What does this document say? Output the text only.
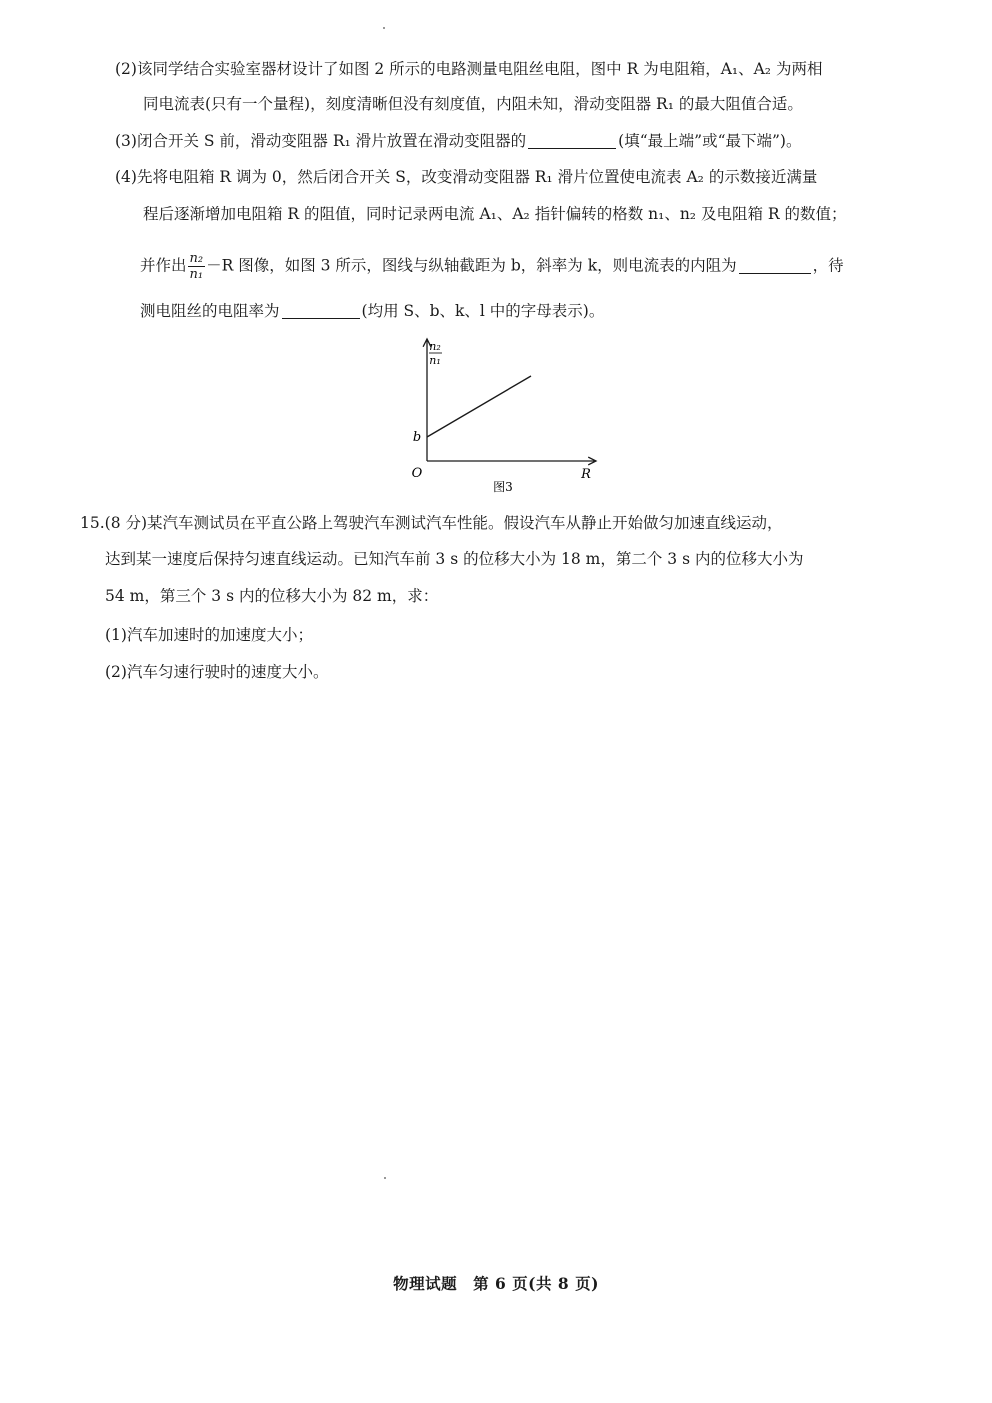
(2)该同学结合实验室器材设计了如图 2 所示的电路测量电阻丝电阻，图中 R 为电阻箱，A₁、A₂ 为两相
同电流表(只有一个量程)，刻度清晰但没有刻度值，内阻未知，滑动变阻器 R₁ 的最大阻值合适。
(3)闭合开关 S 前，滑动变阻器 R₁ 滑片放置在滑动变阻器的	(填“最上端”或“最下端”)。
(4)先将电阻箱 R 调为 0，然后闭合开关 S，改变滑动变阻器 R₁ 滑片位置使电流表 A₂ 的示数接近满量
程后逐渐增加电阻箱 R 的阻值，同时记录两电流 A₁、A₂ 指针偏转的格数 n₁、n₂ 及电阻箱 R 的数值；
并作出 $\frac{\text{n₂}}{\text{n₁}} -R$ 图像，如图 3 所示，图线与纵轴截距为 b，斜率为 k，则电流表的内阻为	，待
测电阻丝的电阻率为	(均用 S、b、k、l 中的字母表示)。
n₂
n₁
b
O	R
图3
15.(8 分)某汽车测试员在平直公路上驾驶汽车测试汽车性能。假设汽车从静止开始做匀加速直线运动，
达到某一速度后保持匀速直线运动。已知汽车前 3 s 的位移大小为 18 m，第二个 3 s 内的位移大小为
54 m，第三个 3 s 内的位移大小为 82 m，求：
(1)汽车加速时的加速度大小；
(2)汽车匀速行驶时的速度大小。
物理试题　第 6 页(共 8 页)
